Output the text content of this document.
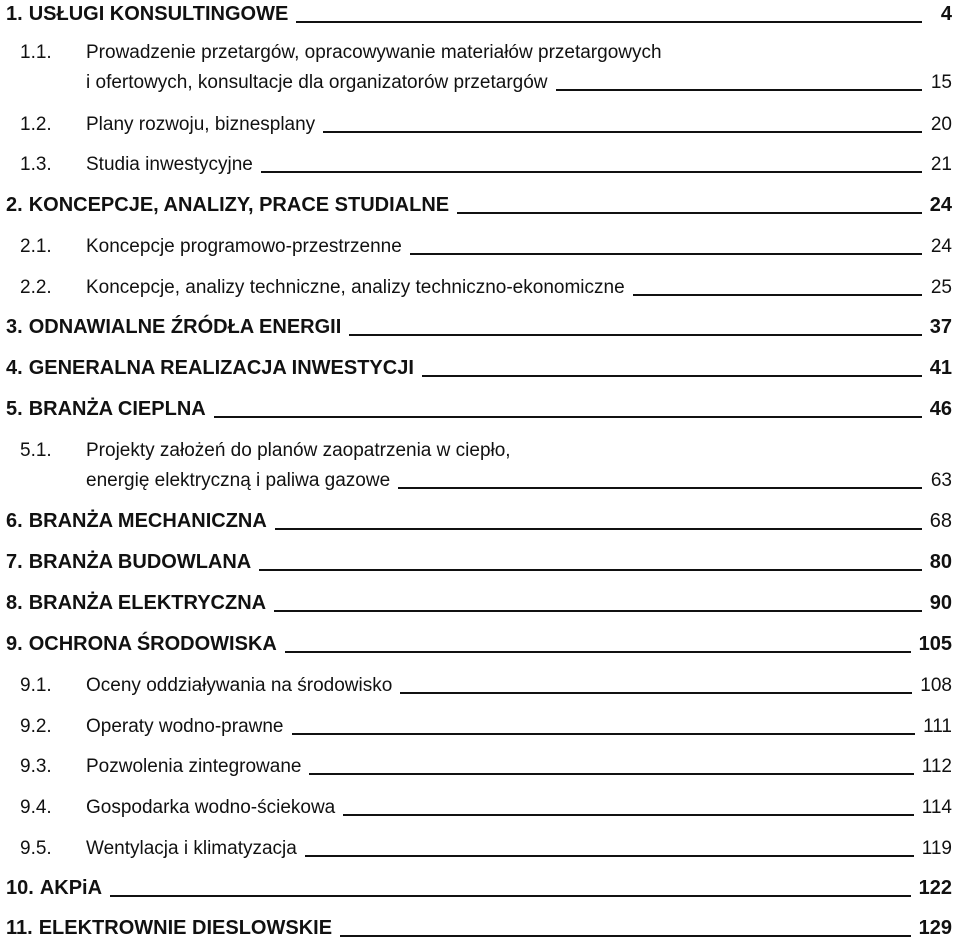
1. USŁUGI KONSULTINGOWE	4
1.1.	Prowadzenie przetargów, opracowywanie materiałów przetargowych
i ofertowych, konsultacje dla organizatorów przetargów	15
1.2.	Plany rozwoju, biznesplany	20
1.3.	Studia inwestycyjne	21
2. KONCEPCJE, ANALIZY, PRACE STUDIALNE	24
2.1.	Koncepcje programowo-przestrzenne	24
2.2.	Koncepcje, analizy techniczne, analizy techniczno-ekonomiczne	25
3. ODNAWIALNE ŹRÓDŁA ENERGII	37
4. GENERALNA REALIZACJA INWESTYCJI	41
5. BRANŻA CIEPLNA	46
5.1.	Projekty założeń do planów zaopatrzenia w ciepło,
energię elektryczną i paliwa gazowe	63
6. BRANŻA MECHANICZNA	68
7. BRANŻA BUDOWLANA	80
8. BRANŻA ELEKTRYCZNA	90
9. OCHRONA ŚRODOWISKA	105
9.1.	Oceny oddziaływania na środowisko	108
9.2.	Operaty wodno-prawne	111
9.3.	Pozwolenia zintegrowane	112
9.4.	Gospodarka wodno-ściekowa	114
9.5.	Wentylacja i klimatyzacja	119
10. AKPiA	122
11. ELEKTROWNIE DIESLOWSKIE	129
